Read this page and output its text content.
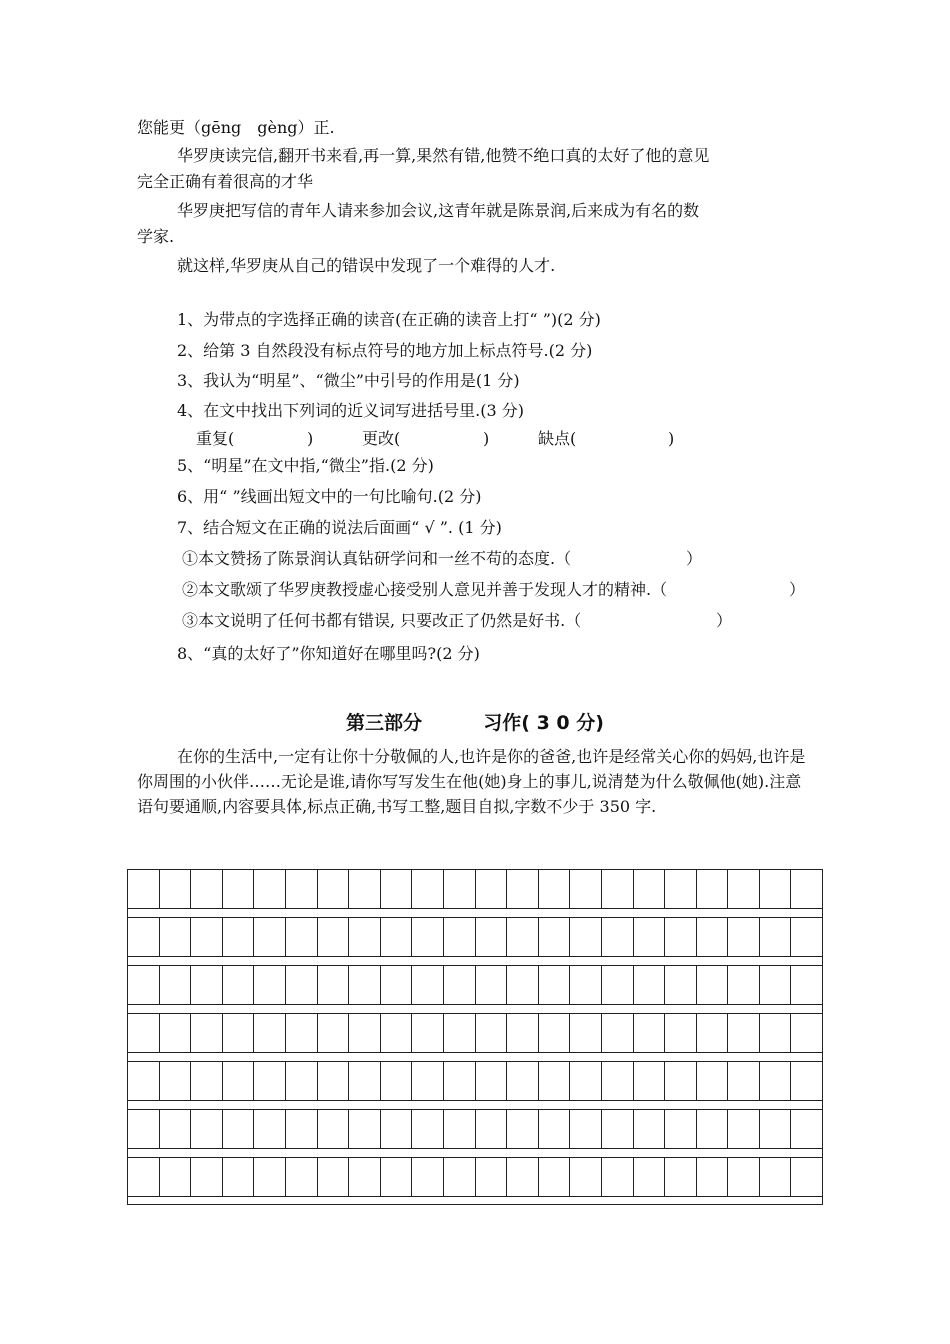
您能更（gēng　gèng）正.
华罗庚读完信,翻开书来看,再一算,果然有错,他赞不绝口真的太好了他的意见
完全正确有着很高的才华
华罗庚把写信的青年人请来参加会议,这青年就是陈景润,后来成为有名的数
学家.
就这样,华罗庚从自己的错误中发现了一个难得的人才.
1、为带点的字选择正确的读音(在正确的读音上打“ ”)(2 分)
2、给第 3 自然段没有标点符号的地方加上标点符号.(2 分)
3、我认为“明星”、“微尘”中引号的作用是(1 分)
4、在文中找出下列词的近义词写进括号里.(3 分)
重复(	)	更改(	)	缺点(	)
5、“明星”在文中指,“微尘”指.(2 分)
6、用“ ”线画出短文中的一句比喻句.(2 分)
7、结合短文在正确的说法后面画“ √ ”. (1 分)
①本文赞扬了陈景润认真钻研学问和一丝不苟的态度.（	）
②本文歌颂了华罗庚教授虚心接受别人意见并善于发现人才的精神.（	）
③本文说明了任何书都有错误, 只要改正了仍然是好书.（	）
8、“真的太好了”你知道好在哪里吗?(2 分)
第三部分	习作( 3 0 分)
在你的生活中,一定有让你十分敬佩的人,也许是你的爸爸,也许是经常关心你的妈妈,也许是你周围的小伙伴……无论是谁,请你写写发生在他(她)身上的事儿,说清楚为什么敬佩他(她).注意语句要通顺,内容要具体,标点正确,书写工整,题目自拟,字数不少于 350 字.
